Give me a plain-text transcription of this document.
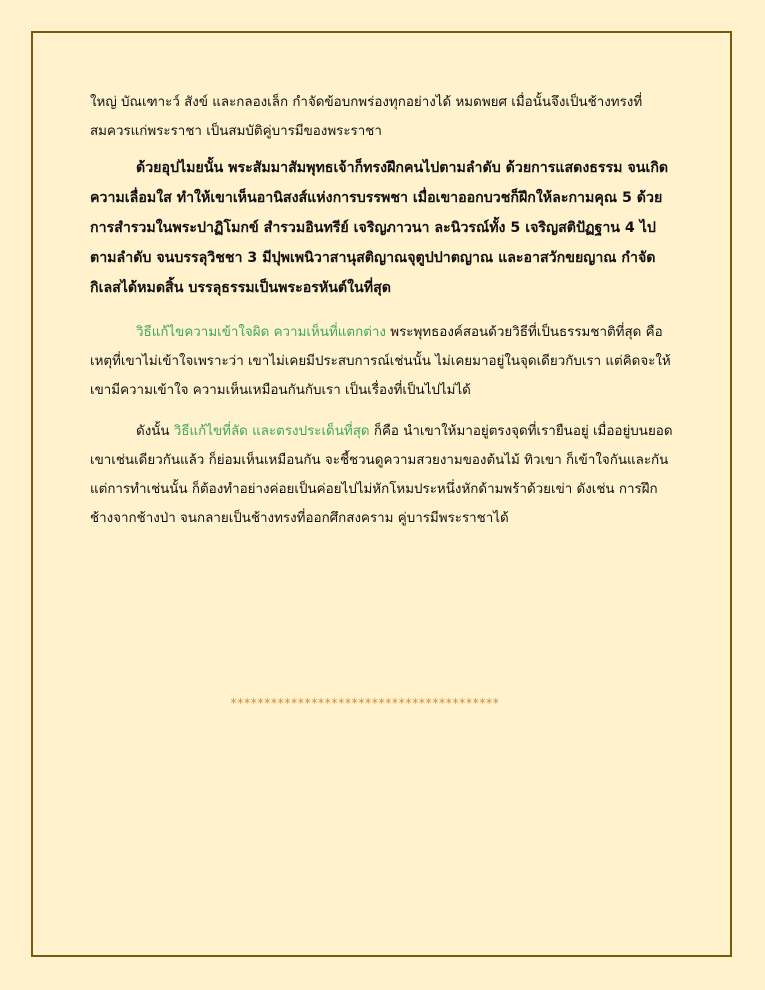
ใหญ่ บัณเฑาะว์ สังข์ และกลองเล็ก กำจัดข้อบกพร่องทุกอย่างได้ หมดพยศ เมื่อนั้นจึงเป็นช้างทรงที่สมควรแก่พระราชา เป็นสมบัติคู่บารมีของพระราชา

ด้วยอุปไมยนั้น พระสัมมาสัมพุทธเจ้าก็ทรงฝึกคนไปตามลำดับ ด้วยการแสดงธรรม จนเกิดความเลื่อมใส ทำให้เขาเห็นอานิสงส์แห่งการบรรพชา เมื่อเขาออกบวชก็ฝึกให้ละกามคุณ 5 ด้วยการสำรวมในพระปาฏิโมกข์ สำรวมอินทรีย์ เจริญภาวนา ละนิวรณ์ทั้ง 5 เจริญสติปัฏฐาน 4 ไปตามลำดับ จนบรรลุวิชชา 3 มีปุพเพนิวาสานุสติญาณจุตูปปาตญาณ และอาสวักขยญาณ กำจัดกิเลสได้หมดสิ้น บรรลุธรรมเป็นพระอรหันต์ในที่สุด

วิธีแก้ไขความเข้าใจผิด ความเห็นที่แตกต่าง พระพุทธองค์สอนด้วยวิธีที่เป็นธรรมชาติที่สุด คือ เหตุที่เขาไม่เข้าใจเพราะว่า เขาไม่เคยมีประสบการณ์เช่นนั้น ไม่เคยมาอยู่ในจุดเดียวกับเรา แต่คิดจะให้เขามีความเข้าใจ ความเห็นเหมือนกันกับเรา เป็นเรื่องที่เป็นไปไม่ได้

ดังนั้น วิธีแก้ไขที่ลัด และตรงประเด็นที่สุด ก็คือ นำเขาให้มาอยู่ตรงจุดที่เรายืนอยู่ เมื่ออยู่บนยอดเขาเช่นเดียวกันแล้ว ก็ย่อมเห็นเหมือนกัน จะชี้ชวนดูความสวยงามของต้นไม้ ทิวเขา ก็เข้าใจกันและกัน แต่การทำเช่นนั้น ก็ต้องทำอย่างค่อยเป็นค่อยไปไม่หักโหมประหนึ่งหักด้ามพร้าด้วยเข่า ดังเช่น การฝึกช้างจากช้างป่า จนกลายเป็นช้างทรงที่ออกศึกสงคราม คู่บารมีพระราชาได้

****************************************
